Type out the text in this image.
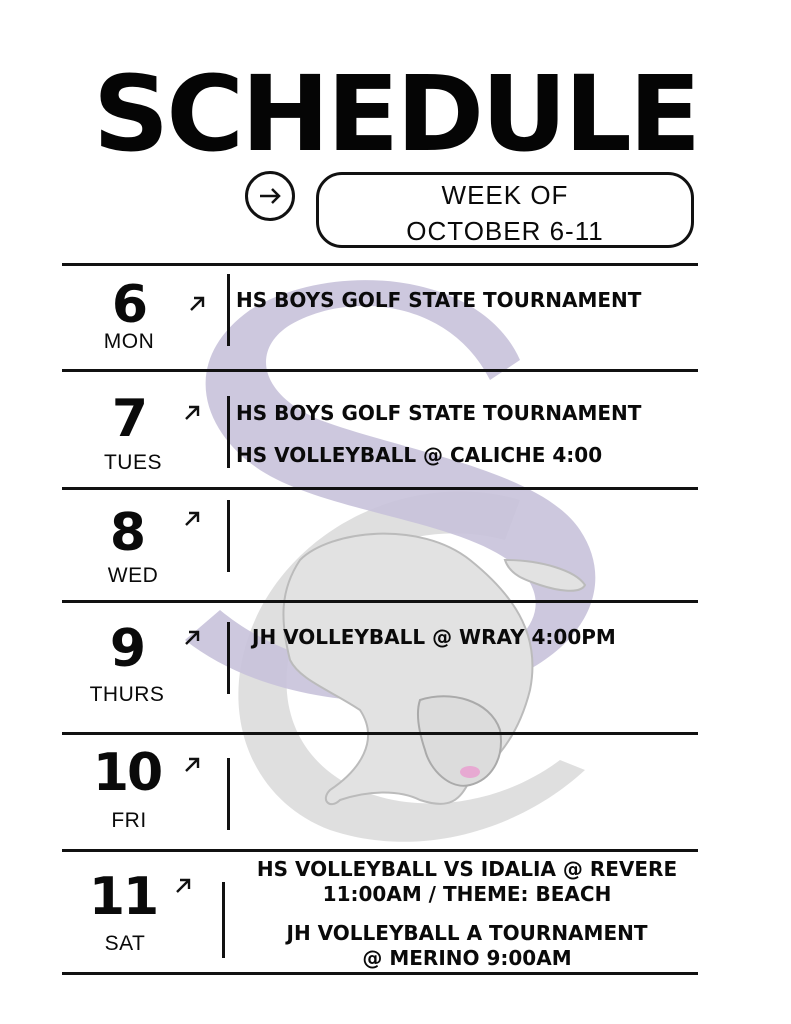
SCHEDULE
WEEK OF
OCTOBER 6-11
6
MON
HS BOYS GOLF STATE TOURNAMENT
7
TUES
HS BOYS GOLF STATE TOURNAMENT
HS VOLLEYBALL @ CALICHE 4:00
8
WED
9
THURS
JH VOLLEYBALL @ WRAY 4:00PM
10
FRI
11
SAT
HS VOLLEYBALL VS IDALIA @ REVERE
11:00AM / THEME: BEACH
JH VOLLEYBALL A TOURNAMENT
@ MERINO 9:00AM
